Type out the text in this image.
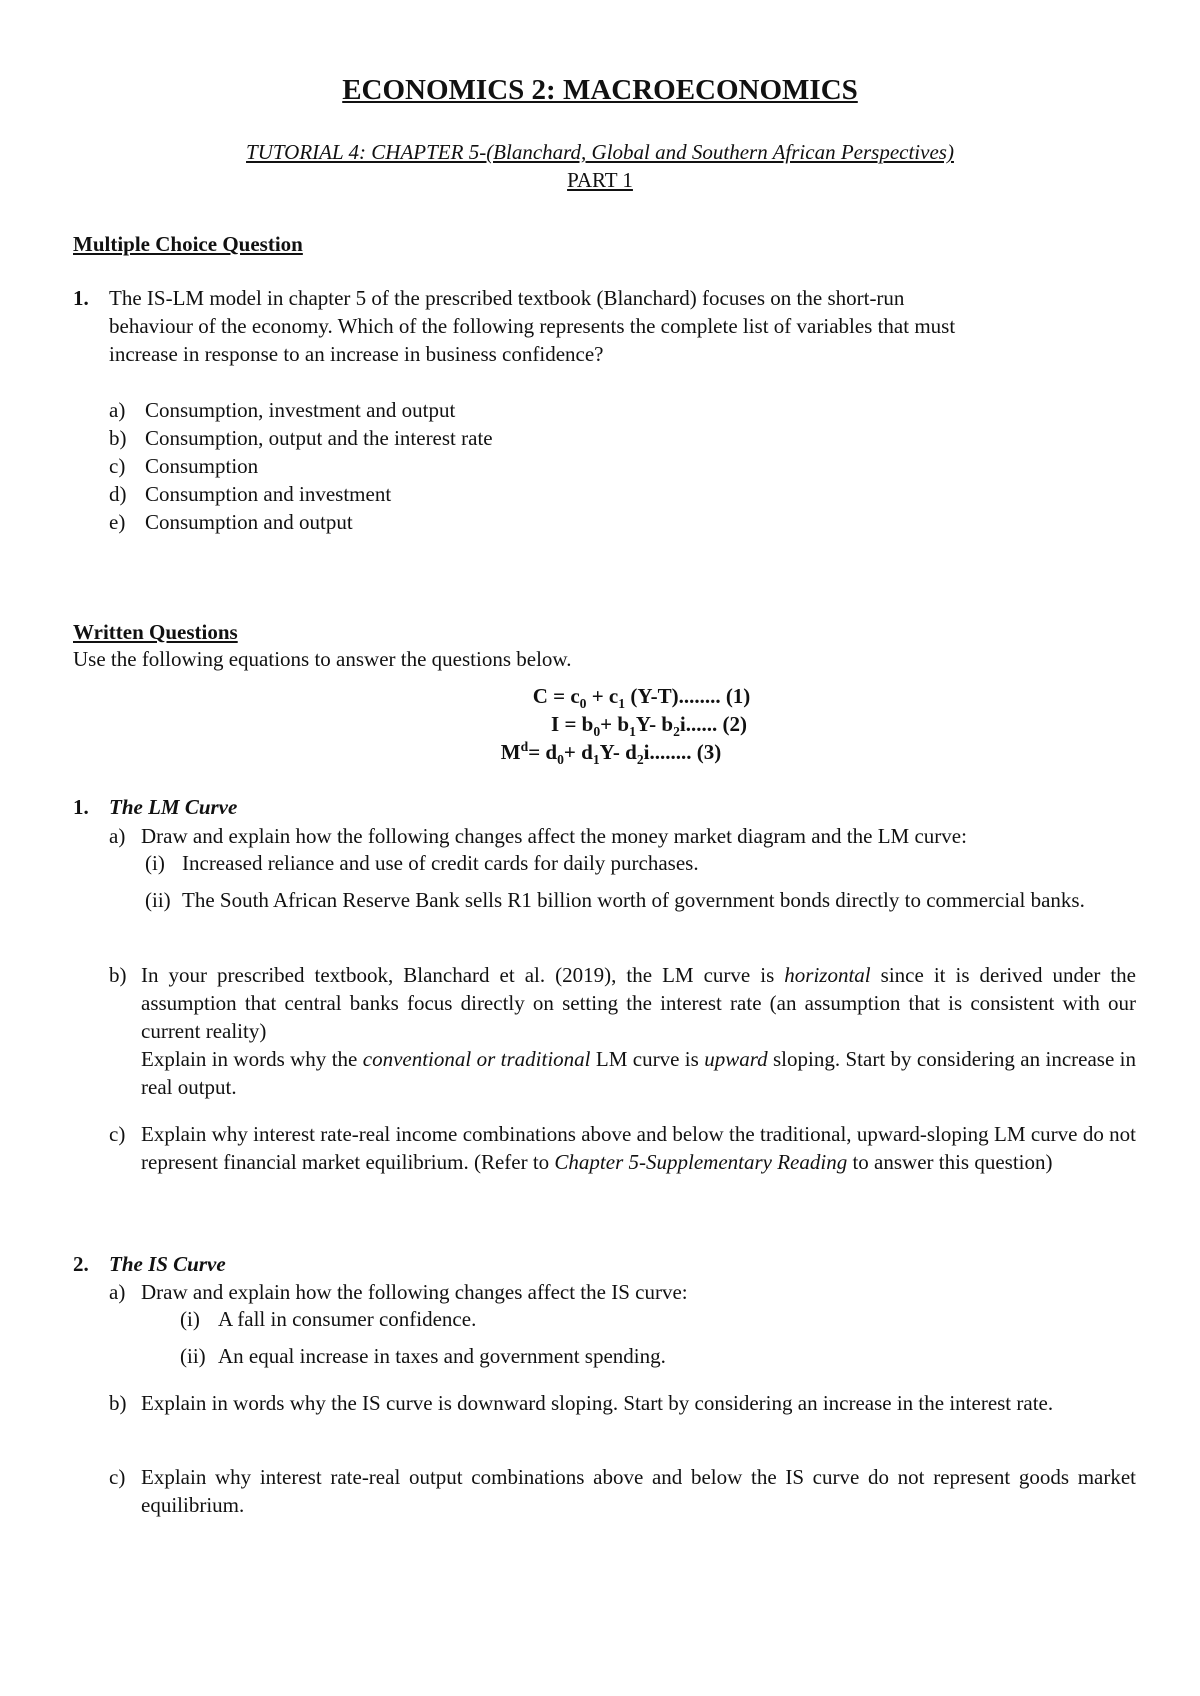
ECONOMICS 2: MACROECONOMICS
TUTORIAL 4: CHAPTER 5-(Blanchard, Global and Southern African Perspectives)
PART 1
Multiple Choice Question
1. The IS-LM model in chapter 5 of the prescribed textbook (Blanchard) focuses on the short-run
behaviour of the economy. Which of the following represents the complete list of variables that must
increase in response to an increase in business confidence?
a) Consumption, investment and output
b) Consumption, output and the interest rate
c) Consumption
d) Consumption and investment
e) Consumption and output
Written Questions
Use the following equations to answer the questions below.
$C = c_0 + c_1$ (Y-T)........ (1)
$I = b_0+ b_1Y-$ $b_2i$...... (2)
$M^d= d_0+ d_1Y-$ $d_2i$........ (3)
1. The LM Curve
a) Draw and explain how the following changes affect the money market diagram and the LM curve:
(i) Increased reliance and use of credit cards for daily purchases.
(ii) The South African Reserve Bank sells R1 billion worth of government bonds directly to commercial banks.
b) In your prescribed textbook, Blanchard et al. (2019), the LM curve is horizontal since it is derived under the assumption that central banks focus directly on setting the interest rate (an assumption that is consistent with our current reality)
Explain in words why the conventional or traditional LM curve is upward sloping. Start by considering an increase in real output.
c) Explain why interest rate-real income combinations above and below the traditional, upward-sloping LM curve do not represent financial market equilibrium. (Refer to Chapter 5-Supplementary Reading to answer this question)
2. The IS Curve
a) Draw and explain how the following changes affect the IS curve:
(i) A fall in consumer confidence.
(ii) An equal increase in taxes and government spending.
b) Explain in words why the IS curve is downward sloping. Start by considering an increase in the interest rate.
c) Explain why interest rate-real output combinations above and below the IS curve do not represent goods market equilibrium.
